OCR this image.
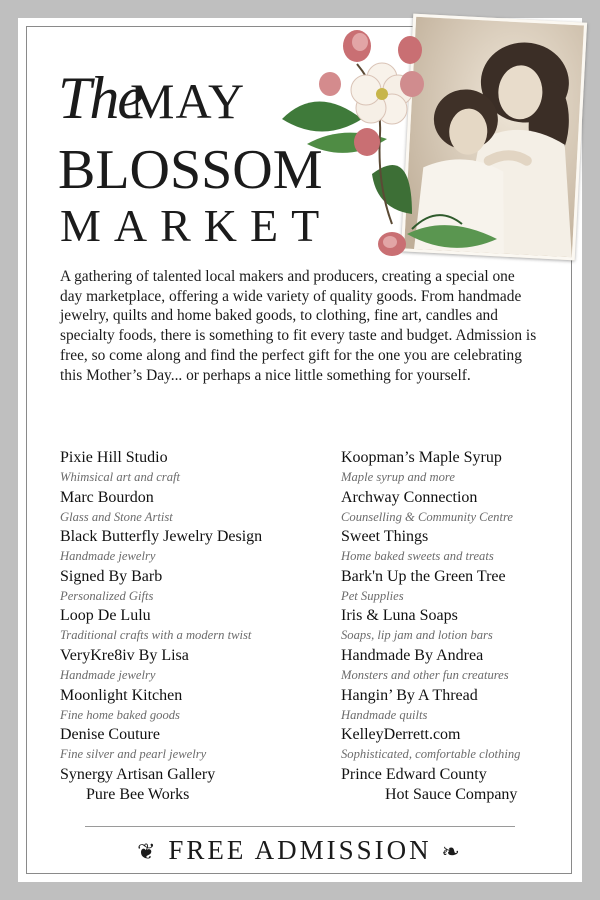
The
MAY
BLOSSOM
MARKET
A gathering of talented local makers and producers, creating a special one day marketplace, offering a wide variety of quality goods. From handmade jewelry, quilts and home baked goods, to clothing, fine art, candles and specialty foods, there is something to fit every taste and budget. Admission is free, so come along and find the perfect gift for the one you are celebrating this Mother’s Day... or perhaps a nice little something for yourself.
Pixie Hill Studio
Whimsical art and craft
Marc Bourdon
Glass and Stone Artist
Black Butterfly Jewelry Design
Handmade jewelry
Signed By Barb
Personalized Gifts
Loop De Lulu
Traditional crafts with a modern twist
VeryKre8iv By Lisa
Handmade jewelry
Moonlight Kitchen
Fine home baked goods
Denise Couture
Fine silver and pearl jewelry
Synergy Artisan Gallery
Pure Bee Works
Koopman’s Maple Syrup
Maple syrup and more
Archway Connection
Counselling & Community Centre
Sweet Things
Home baked sweets and treats
Bark'n Up the Green Tree
Pet Supplies
Iris & Luna Soaps
Soaps, lip jam and lotion bars
Handmade By Andrea
Monsters and other fun creatures
Hangin’ By A Thread
Handmade quilts
KelleyDerrett.com
Sophisticated, comfortable clothing
Prince Edward County
Hot Sauce Company
❦ FREE ADMISSION ❧
